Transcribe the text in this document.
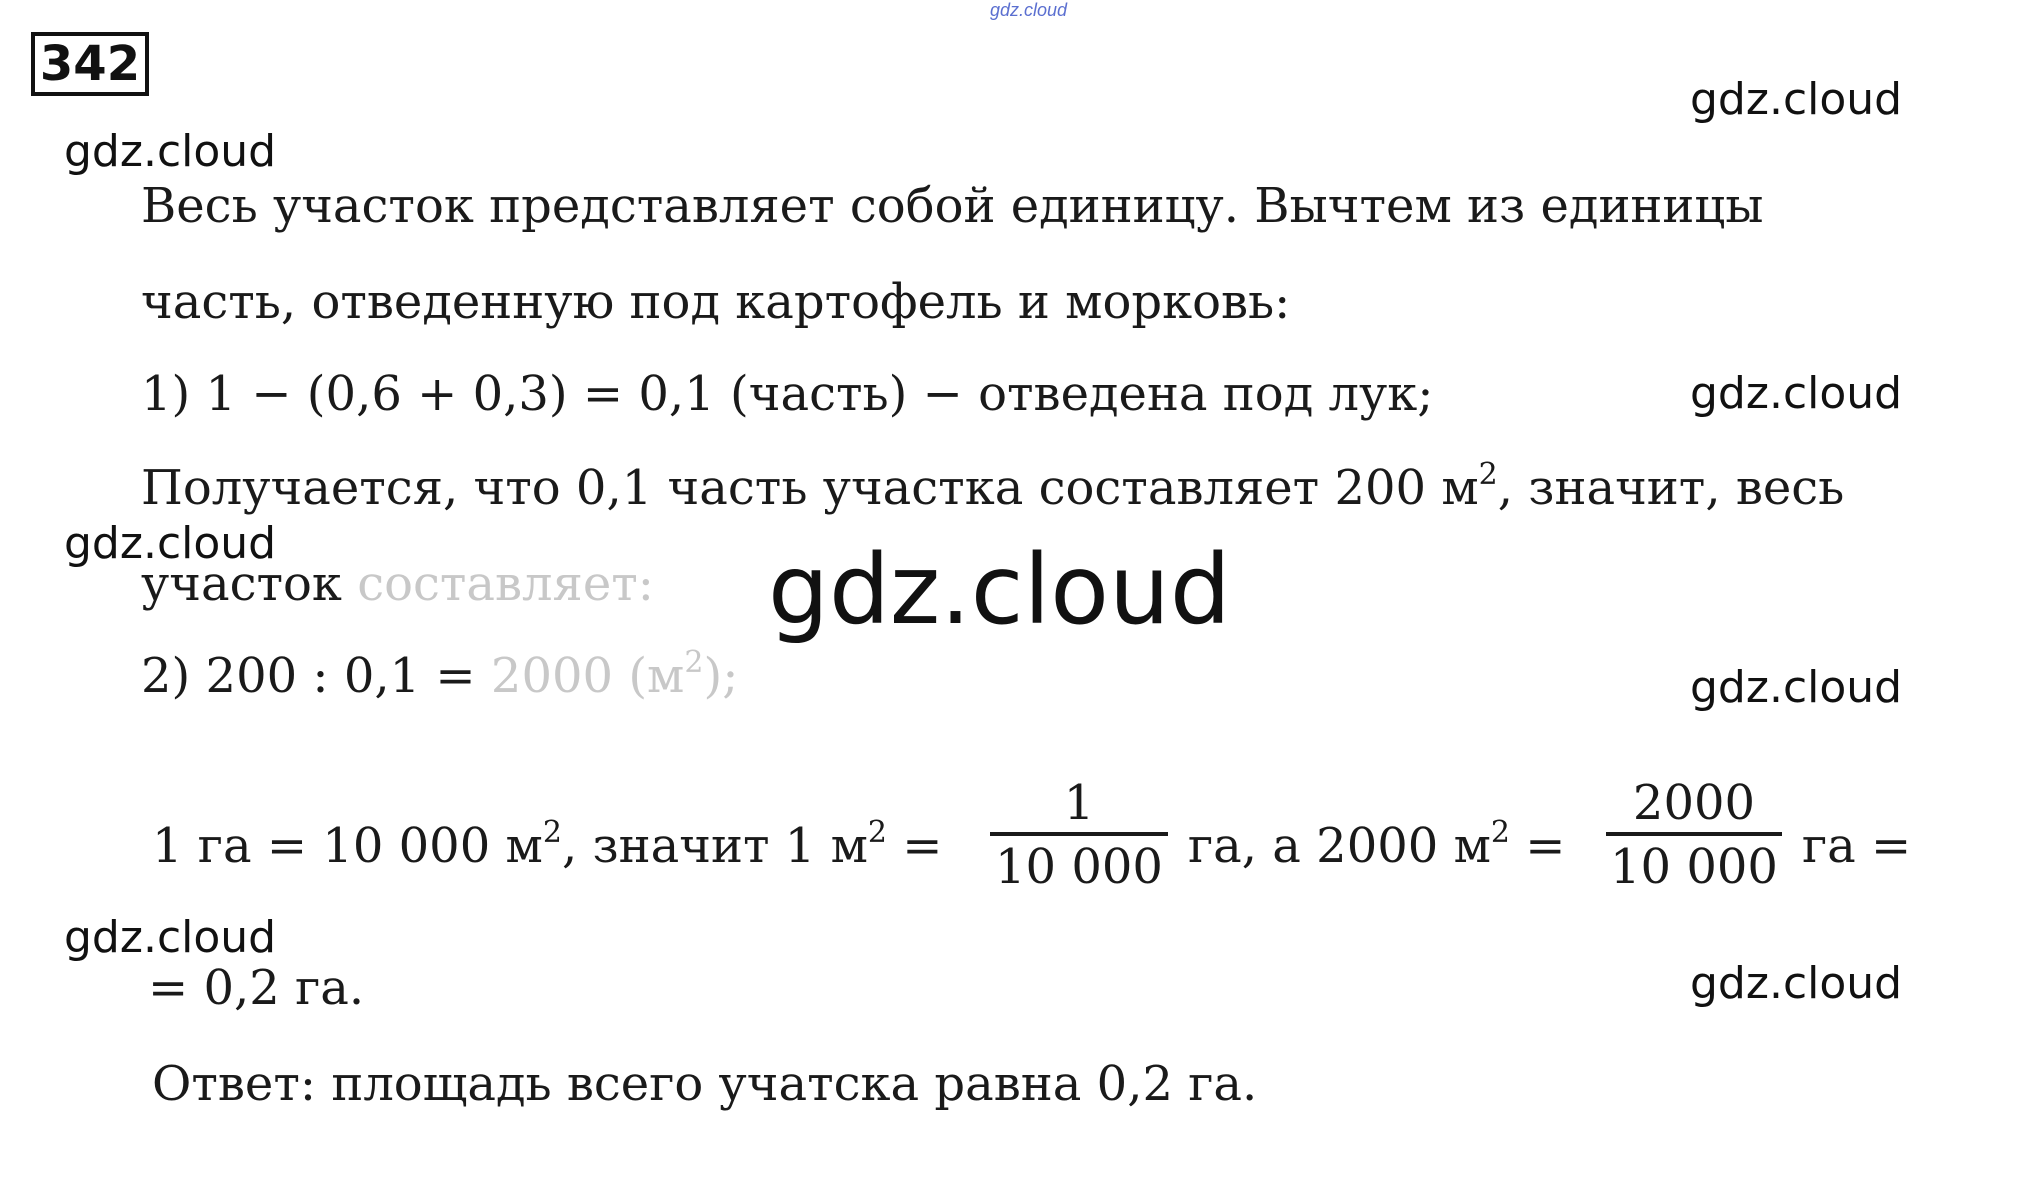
gdz.cloud
342
gdz.cloud
gdz.cloud
gdz.cloud
gdz.cloud
gdz.cloud
gdz.cloud
gdz.cloud
Весь участок представляет собой единицу. Вычтем из единицы
часть, отведенную под картофель и морковь:
1) 1 − (0,6 + 0,3) = 0,1 (часть) − отведена под лук;
Получается, что 0,1 часть участка составляет 200 $м^2$, значит, весь
участок составляет: gdz.cloud
2) 200 : 0,1 = 2000 $(м^2)$;
1 га = 10 000 $м^2$, значит 1 $м^2$ =
1
10 000 га, а 2000 $м^2$ =
2000
10 000 га =
= 0,2 га.
Ответ: площадь всего учатска равна 0,2 га.
